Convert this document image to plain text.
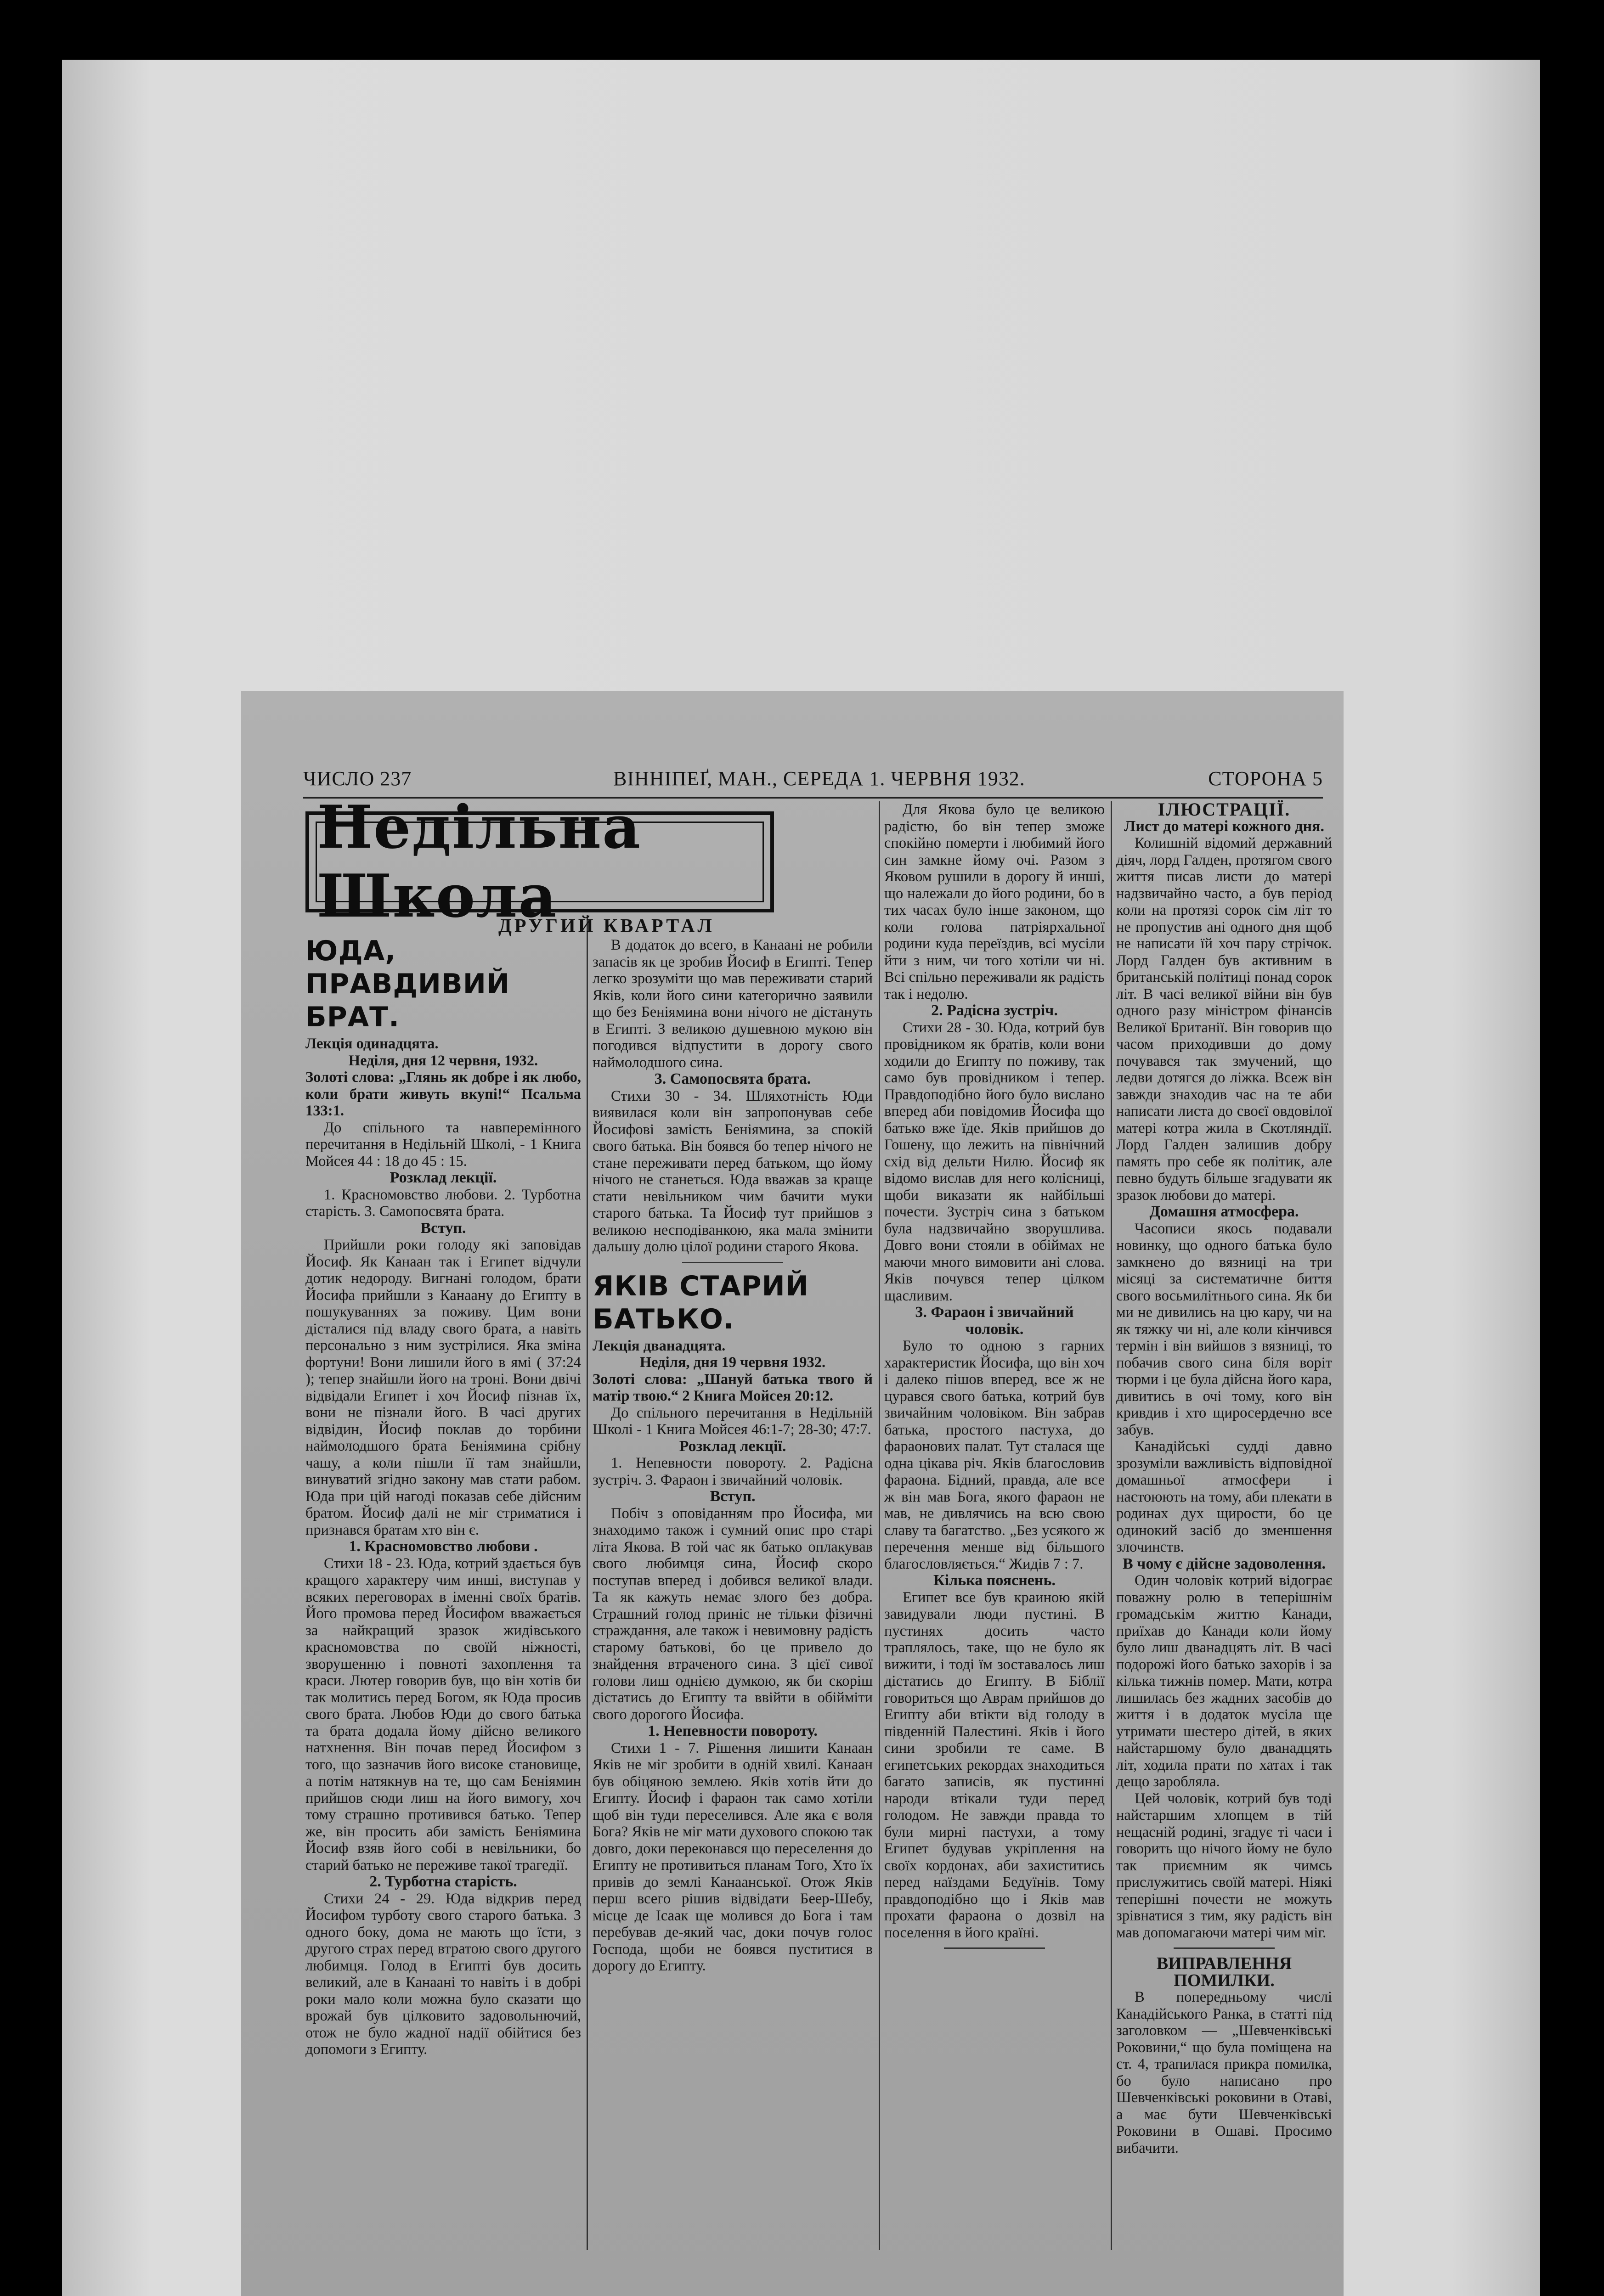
ЧИСЛО 237	ВІННІПЕҐ, МАН., СЕРЕДА 1. ЧЕРВНЯ 1932.	СТОРОНА 5
Недільна Школа
ДРУГИЙ КВАРТАЛ
ЮДА, ПРАВДИВИЙ БРАТ.

Лекція одинадцята.

Неділя, дня 12 червня, 1932.

Золоті слова: „Глянь як добре і як любо, коли брати живуть вкупі!“ Псальма 133:1.

До спільного та навперемінного перечитання в Недільній Школі, - 1 Книга Мойсея 44 : 18 до 45 : 15.

Розклад лекції.

1. Красномовство любови. 2. Турботна старість. 3. Самопосвята брата.

Вступ.

Прийшли роки голоду які заповідав Йосиф. Як Канаан так і Египет відчули дотик недороду. Вигнані голодом, брати Йосифа прийшли з Канаану до Египту в пошукуваннях за поживу. Цим вони дісталися під владу свого брата, а навіть персонально з ним зустрілися. Яка зміна фортуни! Вони лишили його в ямі ( 37:24 ); тепер знайшли його на троні. Вони двічі відвідали Египет і хоч Йосиф пізнав їх, вони не пізнали його. В часі других відвідин, Йосиф поклав до торбини наймолодшого брата Беніямина срібну чашу, а коли пішли її там знайшли, винуватий згідно закону мав стати рабом. Юда при цій нагоді показав себе дійсним братом. Йосиф далі не міг стриматися і признався братам хто він є.

1. Красномовство любови .

Стихи 18 - 23. Юда, котрий здається був кращого характеру чим инші, виступав у всяких переговорах в іменні своїх братів. Його промова перед Йосифом вважається за найкращий зразок жидівського красномовства по своїй ніжності, зворушенню і повноті захоплення та краси. Лютер говорив був, що він хотів би так молитись перед Богом, як Юда просив свого брата. Любов Юди до свого батька та брата додала йому дійсно великого натхнення. Він почав перед Йосифом з того, що зазначив його високе становище, а потім натякнув на те, що сам Беніямин прийшов сюди лиш на його вимогу, хоч тому страшно противився батько. Тепер же, він просить аби замість Беніямина Йосиф взяв його собі в невільники, бо старий батько не переживе такої трагедії.

2. Турботна старість.

Стихи 24 - 29. Юда відкрив перед Йосифом турботу свого старого батька. З одного боку, дома не мають що їсти, з другого страх перед втратою свого другого любимця. Голод в Египті був досить великий, але в Канаані то навіть і в добрі роки мало коли можна було сказати що врожай був цілковито задовольнючий, отож не було жадної надії обійтися без допомоги з Египту.

В додаток до всего, в Канаані не робили запасів як це зробив Йосиф в Египті. Тепер легко зрозуміти що мав переживати старий Яків, коли його сини категорично заявили що без Беніямина вони нічого не дістануть в Египті. З великою душевною мукою він погодився відпустити в дорогу свого наймолодшого сина.

3. Самопосвята брата.

Стихи 30 - 34. Шляхотність Юди виявилася коли він запропонував себе Йосифові замість Беніямина, за спокій свого батька. Він боявся бо тепер нічого не стане переживати перед батьком, що йому нічого не станеться. Юда вважав за краще стати невільником чим бачити муки старого батька. Та Йосиф тут прийшов з великою несподіванкою, яка мала змінити дальшу долю цілої родини старого Якова.

ЯКІВ СТАРИЙ БАТЬКО.

Лекція дванадцята.

Неділя, дня 19 червня 1932.

Золоті слова: „Шануй батька твого й матір твою.“ 2 Книга Мойсея 20:12.

До спільного перечитання в Недільній Школі - 1 Книга Мойсея 46:1-7; 28-30; 47:7.

Розклад лекції.

1. Непевности повороту. 2. Радісна зустріч. 3. Фараон і звичайний чоловік.

Вступ.

Побіч з оповіданням про Йосифа, ми знаходимо також і сумний опис про старі літа Якова. В той час як батько оплакував свого любимця сина, Йосиф скоро поступав вперед і добився великої влади. Та як кажуть немає злого без добра. Страшний голод приніс не тільки фізичні страждання, але також і невимовну радість старому батькові, бо це привело до знайдення втраченого сина. З цієї сивої голови лиш однією думкою, як би скоріш дістатись до Египту та ввійти в обійміти свого дорогого Йосифа.

1. Непевности повороту.

Стихи 1 - 7. Рішення лишити Канаан Яків не міг зробити в одній хвилі. Канаан був обіцяною землею. Яків хотів йти до Египту. Йосиф і фараон так само хотіли щоб він туди переселився. Але яка є воля Бога? Яків не міг мати духового спокою так довго, доки переконався що переселення до Египту не противиться планам Того, Хто їх привів до землі Канаанської. Отож Яків перш всего рішив відвідати Беер-Шебу, місце де Ісаак ще молився до Бога і там перебував де-який час, доки почув голос Господа, щоби не боявся пуститися в дорогу до Египту.

Для Якова було це великою радістю, бо він тепер зможе спокійно померти і любимий його син замкне йому очі. Разом з Яковом рушили в дорогу й инші, що належали до його родини, бо в тих часах було інше законом, що коли голова патріярхальної родини куда переїздив, всі мусіли йти з ним, чи того хотіли чи ні. Всі спільно переживали як радість так і недолю.

2. Радісна зустріч.

Стихи 28 - 30. Юда, котрий був провідником як братів, коли вони ходили до Египту по поживу, так само був провідником і тепер. Правдоподібно його було вислано вперед аби повідомив Йосифа що батько вже їде. Яків прийшов до Гошену, що лежить на північний схід від дельти Нилю. Йосиф як відомо вислав для него колісниці, щоби виказати як найбільші почести. Зустріч сина з батьком була надзвичайно зворушлива. Довго вони стояли в обіймах не маючи много вимовити ані слова. Яків почувся тепер цілком щасливим.

3. Фараон і звичайний чоловік.

Було то одною з гарних характеристик Йосифа, що він хоч і далеко пішов вперед, все ж не цурався свого батька, котрий був звичайним чоловіком. Він забрав батька, простого пастуха, до фараонових палат. Тут сталася ще одна цікава річ. Яків благословив фараона. Бідний, правда, але все ж він мав Бога, якого фараон не мав, не дивлячись на всю свою славу та багатство. „Без усякого ж перечення менше від більшого благословляється.“ Жидів 7 : 7.

Кілька пояснень.

Египет все був краиною якій завидували люди пустині. В пустинях досить часто траплялось, таке, що не було як вижити, і тоді їм зоставалось лиш дістатись до Египту. В Біблії говориться що Аврам прийшов до Египту аби втікти від голоду в південній Палестині. Яків і його сини зробили те саме. В египетських рекордах знаходиться багато записів, як пустинні народи втікали туди перед голодом. Не завжди правда то були мирні пастухи, а тому Египет будував укріплення на своїх кордонах, аби захиститись перед наїздами Бедуїнів. Тому правдоподібно що і Яків мав прохати фараона о дозвіл на поселення в його країні.

ІЛЮСТРАЦІЇ.

Лист до матері кожного дня.

Колишній відомий державний діяч, лорд Галден, протягом свого життя писав листи до матері надзвичайно часто, а був період коли на протязі сорок сім літ то не пропустив ані одного дня щоб не написати їй хоч пару стрічок. Лорд Галден був активним в британській політиці понад сорок літ. В часі великої війни він був одного разу міністром фінансів Великої Британії. Він говорив що часом приходивши до дому почувався так змучений, що ледви дотягся до ліжка. Всеж він завжди знаходив час на те аби написати листа до своєї овдовілої матері котра жила в Скотляндії. Лорд Галден залишив добру память про себе як політик, але певно будуть більше згадувати як зразок любови до матері.

Домашня атмосфера.

Часописи якось подавали новинку, що одного батька було замкнено до вязниці на три місяці за систематичне биття свого восьмилітнього сина. Як би ми не дивились на цю кару, чи на як тяжку чи ні, але коли кінчився термін і він вийшов з вязниці, то побачив свого сина біля воріт тюрми і це була дійсна його кара, дивитись в очі тому, кого він кривдив і хто щиросердечно все забув.

Канадійські судді давно зрозуміли важливість відповідної домашньої атмосфери і настоюють на тому, аби плекати в родинах дух щирости, бо це одинокий засіб до зменшення злочинств.

В чому є дійсне задоволення.

Один чоловік котрий відограє поважну ролю в теперішнім громадськім життю Канади, приїхав до Канади коли йому було лиш дванадцять літ. В часі подорожі його батько захорів і за кілька тижнів помер. Мати, котра лишилась без жадних засобів до життя і в додаток мусіла ще утримати шестеро дітей, в яких найстаршому було дванадцять літ, ходила прати по хатах і так дещо заробляла.

Цей чоловік, котрий був тоді найстаршим хлопцем в тій нещасній родині, згадує ті часи і говорить що нічого йому не було так приємним як чимсь прислужитись своїй матері. Ніякі теперішні почести не можуть зрівнатися з тим, яку радість він мав допомагаючи матері чим міг.

ВИПРАВЛЕННЯ ПОМИЛКИ.

В попередньому числі Канадійського Ранка, в статті під заголовком — „Шевченківські Роковини,“ що була поміщена на ст. 4, трапилася прикра помилка, бо було написано про Шевченківські роковини в Отаві, а має бути Шевченківські Роковини в Ошаві. Просимо вибачити.
